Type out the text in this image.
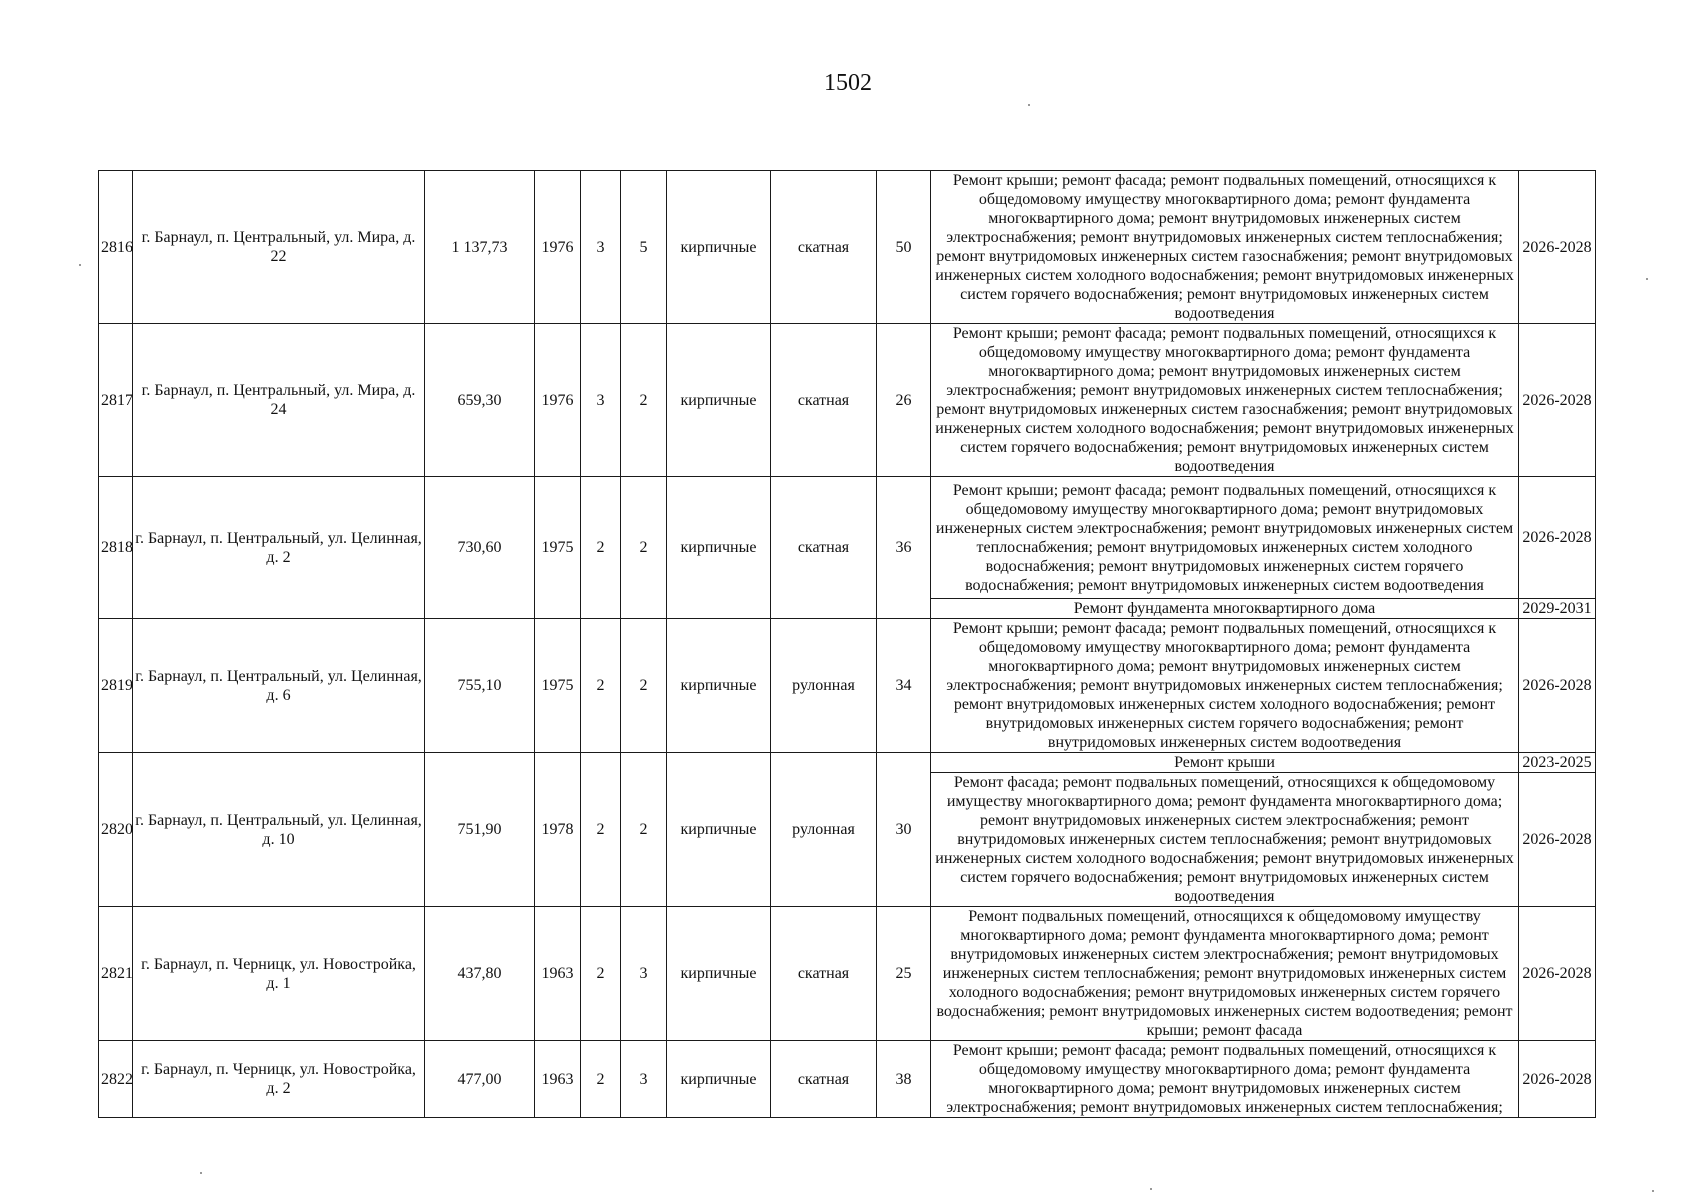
1502
2816	г. Барнаул, п. Центральный, ул. Мира, д. 22	1 137,73	1976	3	5	кирпичные	скатная	50	Ремонт крыши; ремонт фасада; ремонт подвальных помещений, относящихся к общедомовому имуществу многоквартирного дома; ремонт фундамента многоквартирного дома; ремонт внутридомовых инженерных систем электроснабжения; ремонт внутридомовых инженерных систем теплоснабжения; ремонт внутридомовых инженерных систем газоснабжения; ремонт внутридомовых инженерных систем холодного водоснабжения; ремонт внутридомовых инженерных систем горячего водоснабжения; ремонт внутридомовых инженерных систем водоотведения	2026-2028
2817	г. Барнаул, п. Центральный, ул. Мира, д. 24	659,30	1976	3	2	кирпичные	скатная	26	Ремонт крыши; ремонт фасада; ремонт подвальных помещений, относящихся к общедомовому имуществу многоквартирного дома; ремонт фундамента многоквартирного дома; ремонт внутридомовых инженерных систем электроснабжения; ремонт внутридомовых инженерных систем теплоснабжения; ремонт внутридомовых инженерных систем газоснабжения; ремонт внутридомовых инженерных систем холодного водоснабжения; ремонт внутридомовых инженерных систем горячего водоснабжения; ремонт внутридомовых инженерных систем водоотведения	2026-2028
2818	г. Барнаул, п. Центральный, ул. Целинная, д. 2	730,60	1975	2	2	кирпичные	скатная	36	Ремонт крыши; ремонт фасада; ремонт подвальных помещений, относящихся к общедомовому имуществу многоквартирного дома; ремонт внутридомовых инженерных систем электроснабжения; ремонт внутридомовых инженерных систем теплоснабжения; ремонт внутридомовых инженерных систем холодного водоснабжения; ремонт внутридомовых инженерных систем горячего водоснабжения; ремонт внутридомовых инженерных систем водоотведения	2026-2028
									Ремонт фундамента многоквартирного дома	2029-2031
2819	г. Барнаул, п. Центральный, ул. Целинная, д. 6	755,10	1975	2	2	кирпичные	рулонная	34	Ремонт крыши; ремонт фасада; ремонт подвальных помещений, относящихся к общедомовому имуществу многоквартирного дома; ремонт фундамента многоквартирного дома; ремонт внутридомовых инженерных систем электроснабжения; ремонт внутридомовых инженерных систем теплоснабжения; ремонт внутридомовых инженерных систем холодного водоснабжения; ремонт внутридомовых инженерных систем горячего водоснабжения; ремонт внутридомовых инженерных систем водоотведения	2026-2028
2820	г. Барнаул, п. Центральный, ул. Целинная, д. 10	751,90	1978	2	2	кирпичные	рулонная	30	Ремонт крыши	2023-2025
									Ремонт фасада; ремонт подвальных помещений, относящихся к общедомовому имуществу многоквартирного дома; ремонт фундамента многоквартирного дома; ремонт внутридомовых инженерных систем электроснабжения; ремонт внутридомовых инженерных систем теплоснабжения; ремонт внутридомовых инженерных систем холодного водоснабжения; ремонт внутридомовых инженерных систем горячего водоснабжения; ремонт внутридомовых инженерных систем водоотведения	2026-2028
2821	г. Барнаул, п. Черницк, ул. Новостройка, д. 1	437,80	1963	2	3	кирпичные	скатная	25	Ремонт подвальных помещений, относящихся к общедомовому имуществу многоквартирного дома; ремонт фундамента многоквартирного дома; ремонт внутридомовых инженерных систем электроснабжения; ремонт внутридомовых инженерных систем теплоснабжения; ремонт внутридомовых инженерных систем холодного водоснабжения; ремонт внутридомовых инженерных систем горячего водоснабжения; ремонт внутридомовых инженерных систем водоотведения; ремонт крыши; ремонт фасада	2026-2028
2822	г. Барнаул, п. Черницк, ул. Новостройка, д. 2	477,00	1963	2	3	кирпичные	скатная	38	Ремонт крыши; ремонт фасада; ремонт подвальных помещений, относящихся к общедомовому имуществу многоквартирного дома; ремонт фундамента многоквартирного дома; ремонт внутридомовых инженерных систем электроснабжения; ремонт внутридомовых инженерных систем теплоснабжения;	2026-2028
